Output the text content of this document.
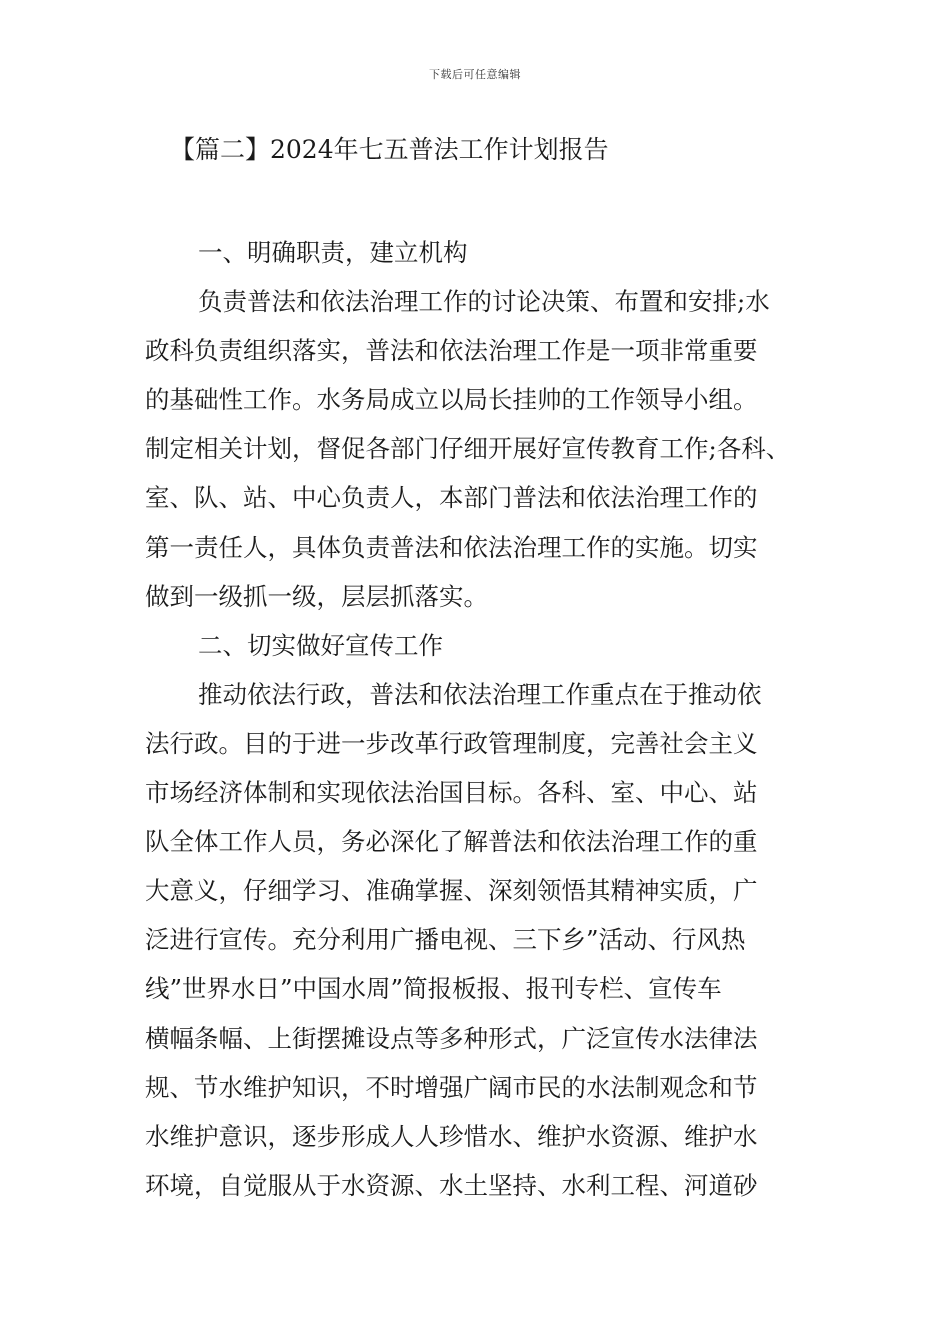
下载后可任意编辑
【篇二】2024年七五普法工作计划报告
一、明确职责，建立机构
负责普法和依法治理工作的讨论决策、布置和安排;水
政科负责组织落实，普法和依法治理工作是一项非常重要
的基础性工作。水务局成立以局长挂帅的工作领导小组。
制定相关计划，督促各部门仔细开展好宣传教育工作;各科、
室、队、站、中心负责人，本部门普法和依法治理工作的
第一责任人，具体负责普法和依法治理工作的实施。切实
做到一级抓一级，层层抓落实。
二、切实做好宣传工作
推动依法行政，普法和依法治理工作重点在于推动依
法行政。目的于进一步改革行政管理制度，完善社会主义
市场经济体制和实现依法治国目标。各科、室、中心、站
队全体工作人员，务必深化了解普法和依法治理工作的重
大意义，仔细学习、准确掌握、深刻领悟其精神实质，广
泛进行宣传。充分利用广播电视、三下乡”活动、行风热
线”世界水日”中国水周”简报板报、报刊专栏、宣传车
横幅条幅、上街摆摊设点等多种形式，广泛宣传水法律法
规、节水维护知识，不时增强广阔市民的水法制观念和节
水维护意识，逐步形成人人珍惜水、维护水资源、维护水
环境，自觉服从于水资源、水土坚持、水利工程、河道砂
